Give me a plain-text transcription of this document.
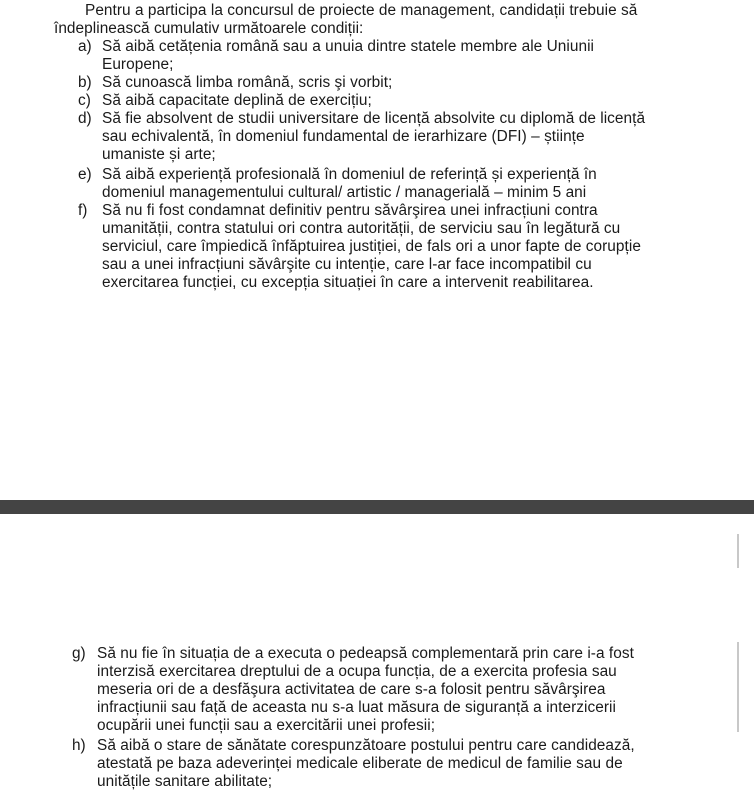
Pentru a participa la concursul de proiecte de management, candidații trebuie să
îndeplinească cumulativ următoarele condiții:
a) Să aibă cetățenia română sau a unuia dintre statele membre ale Uniunii
Europene;
b) Să cunoască limba română, scris şi vorbit;
c) Să aibă capacitate deplină de exercițiu;
d) Să fie absolvent de studii universitare de licență absolvite cu diplomă de licență
sau echivalentă, în domeniul fundamental de ierarhizare (DFI) – științe
umaniste și arte;
e) Să aibă experiență profesională în domeniul de referință și experiență în
domeniul managementului cultural/ artistic / managerială – minim 5 ani
f) Să nu fi fost condamnat definitiv pentru săvârşirea unei infracțiuni contra
umanității, contra statului ori contra autorității, de serviciu sau în legătură cu
serviciul, care împiedică înfăptuirea justiției, de fals ori a unor fapte de corupție
sau a unei infracțiuni săvârşite cu intenție, care l-ar face incompatibil cu
exercitarea funcției, cu excepția situației în care a intervenit reabilitarea.
g) Să nu fie în situația de a executa o pedeapsă complementară prin care i-a fost
interzisă exercitarea dreptului de a ocupa funcția, de a exercita profesia sau
meseria ori de a desfăşura activitatea de care s-a folosit pentru săvârşirea
infracțiunii sau față de aceasta nu s-a luat măsura de siguranță a interzicerii
ocupării unei funcții sau a exercitării unei profesii;
h) Să aibă o stare de sănătate corespunzătoare postului pentru care candidează,
atestată pe baza adeverinței medicale eliberate de medicul de familie sau de
unitățile sanitare abilitate;
